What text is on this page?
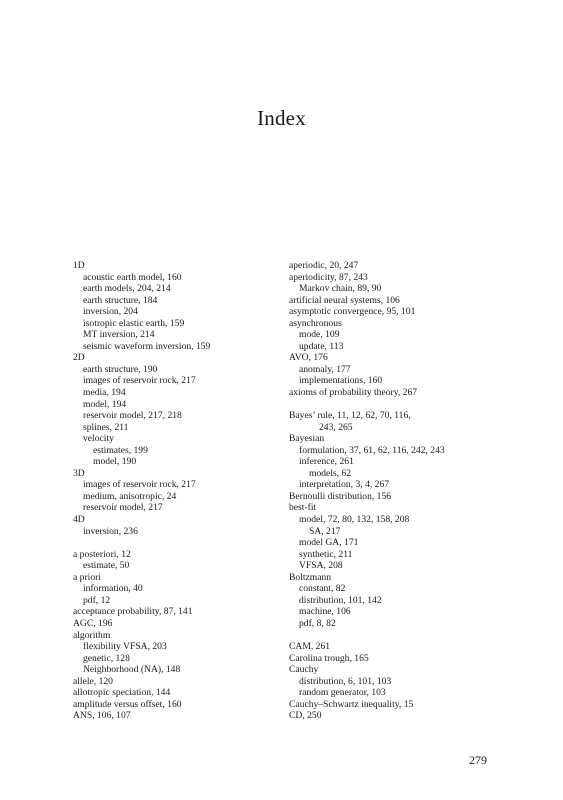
Index
1D
acoustic earth model, 160
earth models, 204, 214
earth structure, 184
inversion, 204
isotropic elastic earth, 159
MT inversion, 214
seismic waveform inversion, 159
2D
earth structure, 190
images of reservoir rock, 217
media, 194
model, 194
reservoir model, 217, 218
splines, 211
velocity
estimates, 199
model, 190
3D
images of reservoir rock, 217
medium, anisotropic, 24
reservoir model, 217
4D
inversion, 236
a posteriori, 12
estimate, 50
a priori
information, 40
pdf, 12
acceptance probability, 87, 141
AGC, 196
algorithm
flexibility VFSA, 203
genetic, 128
Neighborhood (NA), 148
allele, 120
allotropic speciation, 144
amplitude versus offset, 160
ANS, 106, 107
aperiodic, 20, 247
aperiodicity, 87, 243
Markov chain, 89, 90
artificial neural systems, 106
asymptotic convergence, 95, 101
asynchronous
mode, 109
update, 113
AVO, 176
anomaly, 177
implementations, 160
axioms of probability theory, 267
Bayes’ rule, 11, 12, 62, 70, 116,
243, 265
Bayesian
formulation, 37, 61, 62, 116, 242, 243
inference, 261
models, 62
interpretation, 3, 4, 267
Bernoulli distribution, 156
best-fit
model, 72, 80, 132, 158, 208
SA, 217
model GA, 171
synthetic, 211
VFSA, 208
Boltzmann
constant, 82
distribution, 101, 142
machine, 106
pdf, 8, 82
CAM, 261
Carolina trough, 165
Cauchy
distribution, 6, 101, 103
random generator, 103
Cauchy–Schwartz inequality, 15
CD, 250
279
